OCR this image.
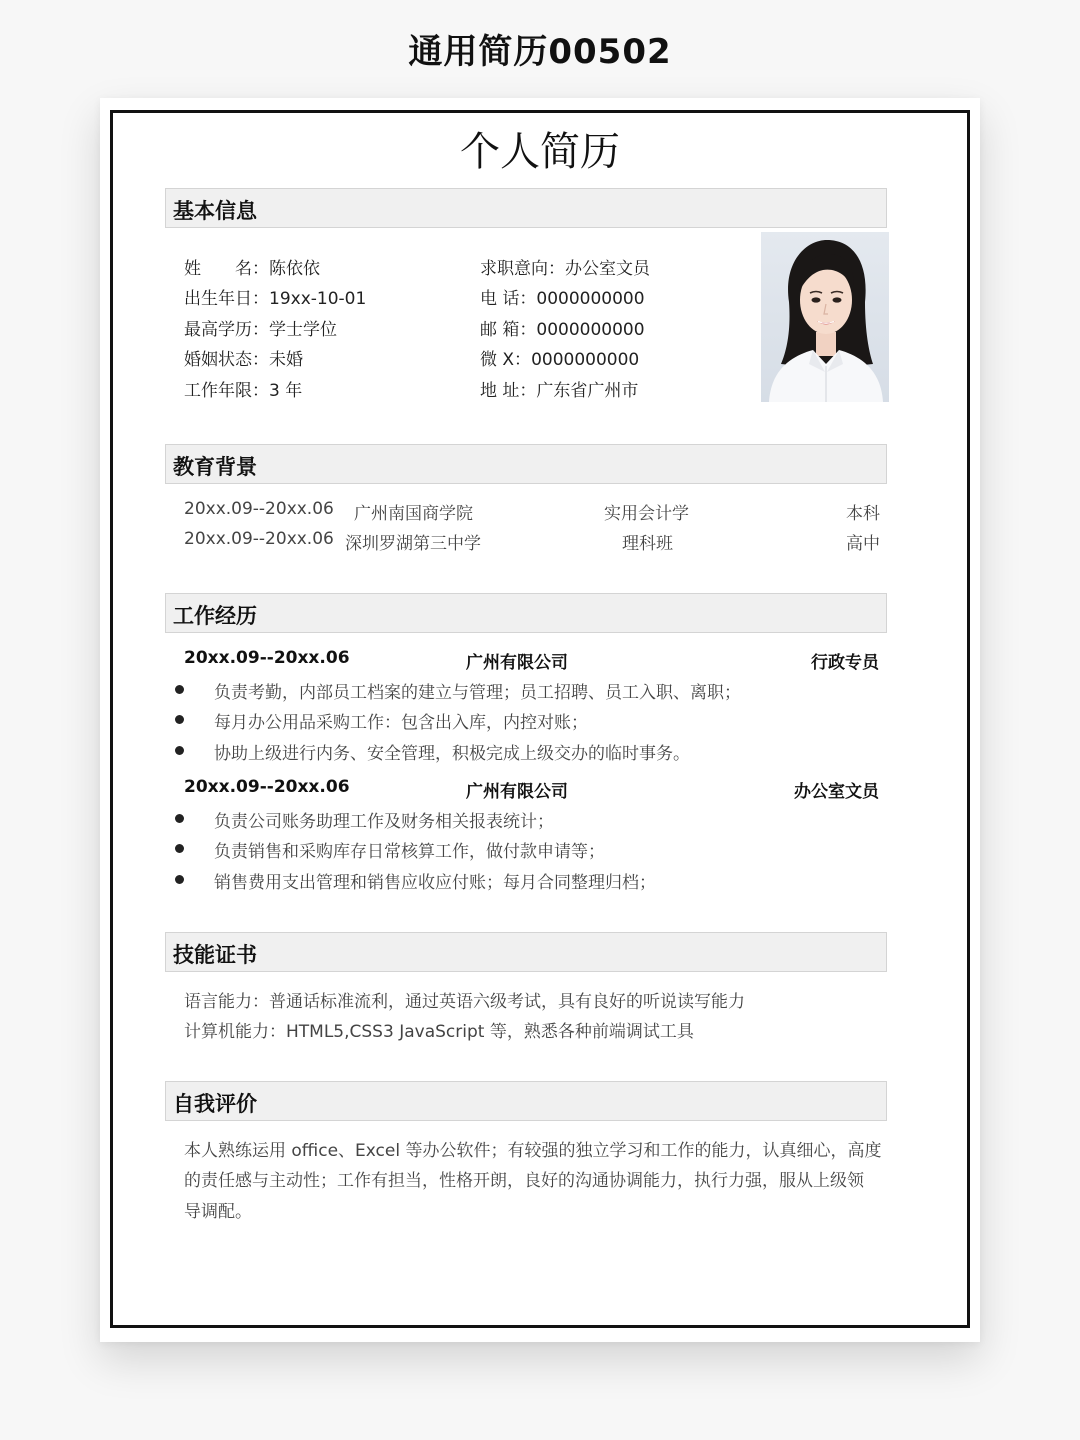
通用简历00502
个人简历
基本信息
姓　　名：陈依依
出生年日：19xx-10-01
最高学历：学士学位
婚姻状态：未婚
工作年限：3 年
求职意向：办公室文员
电 话：0000000000
邮 箱：0000000000
微 X：0000000000
地 址：广东省广州市
教育背景
20xx.09--20xx.06 广州南国商学院	实用会计学	本科
20xx.09--20xx.06 深圳罗湖第三中学	理科班	高中
工作经历
20xx.09--20xx.06	广州有限公司	行政专员
负责考勤，内部员工档案的建立与管理；员工招聘、员工入职、离职；
每月办公用品采购工作：包含出入库，内控对账；
协助上级进行内务、安全管理，积极完成上级交办的临时事务。
20xx.09--20xx.06	广州有限公司	办公室文员
负责公司账务助理工作及财务相关报表统计；
负责销售和采购库存日常核算工作，做付款申请等；
销售费用支出管理和销售应收应付账；每月合同整理归档；
技能证书
语言能力：普通话标准流利，通过英语六级考试，具有良好的听说读写能力
计算机能力：HTML5,CSS3 JavaScript 等，熟悉各种前端调试工具
自我评价
本人熟练运用 office、Excel 等办公软件；有较强的独立学习和工作的能力，认真细心，高度
的责任感与主动性；工作有担当，性格开朗，良好的沟通协调能力，执行力强，服从上级领
导调配。
